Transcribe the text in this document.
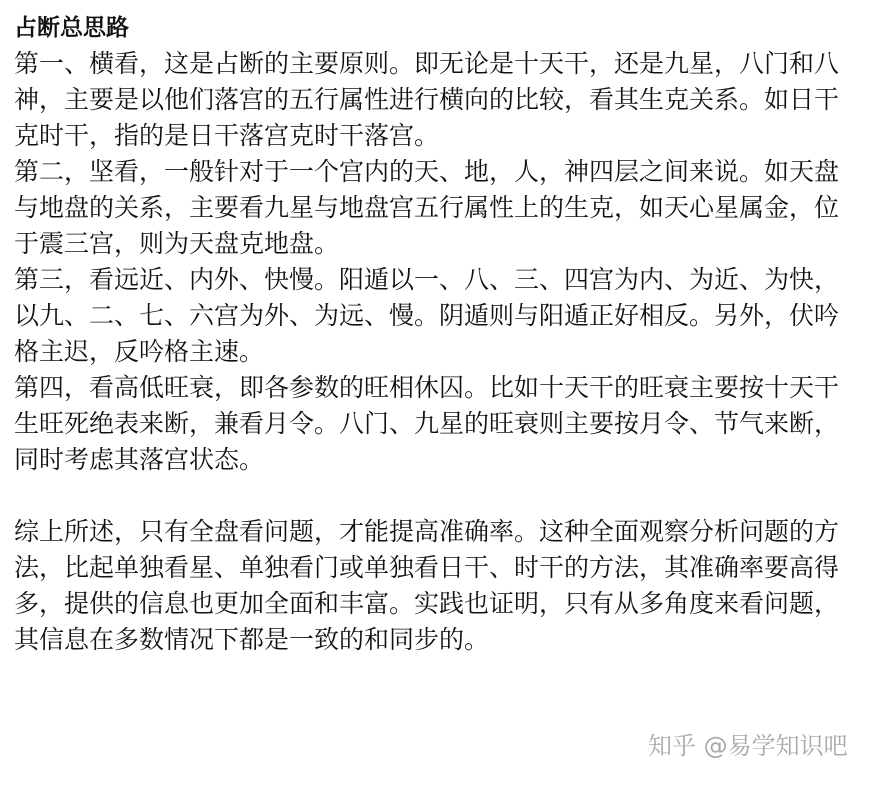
占断总思路
第一、横看，这是占断的主要原则。即无论是十天干，还是九星，八门和八
神，主要是以他们落宫的五行属性进行横向的比较，看其生克关系。如日干
克时干，指的是日干落宫克时干落宫。
第二，坚看，一般针对于一个宫内的天、地，人，神四层之间来说。如天盘
与地盘的关系，主要看九星与地盘宫五行属性上的生克，如天心星属金，位
于震三宫，则为天盘克地盘。
第三，看远近、内外、快慢。阳遁以一、八、三、四宫为内、为近、为快，
以九、二、七、六宫为外、为远、慢。阴遁则与阳遁正好相反。另外，伏吟
格主迟，反吟格主速。
第四，看高低旺衰，即各参数的旺相休囚。比如十天干的旺衰主要按十天干
生旺死绝表来断，兼看月令。八门、九星的旺衰则主要按月令、节气来断，
同时考虑其落宫状态。
综上所述，只有全盘看问题，才能提高准确率。这种全面观察分析问题的方
法，比起单独看星、单独看门或单独看日干、时干的方法，其准确率要高得
多，提供的信息也更加全面和丰富。实践也证明，只有从多角度来看问题，
其信息在多数情况下都是一致的和同步的。
知乎 @易学知识吧
